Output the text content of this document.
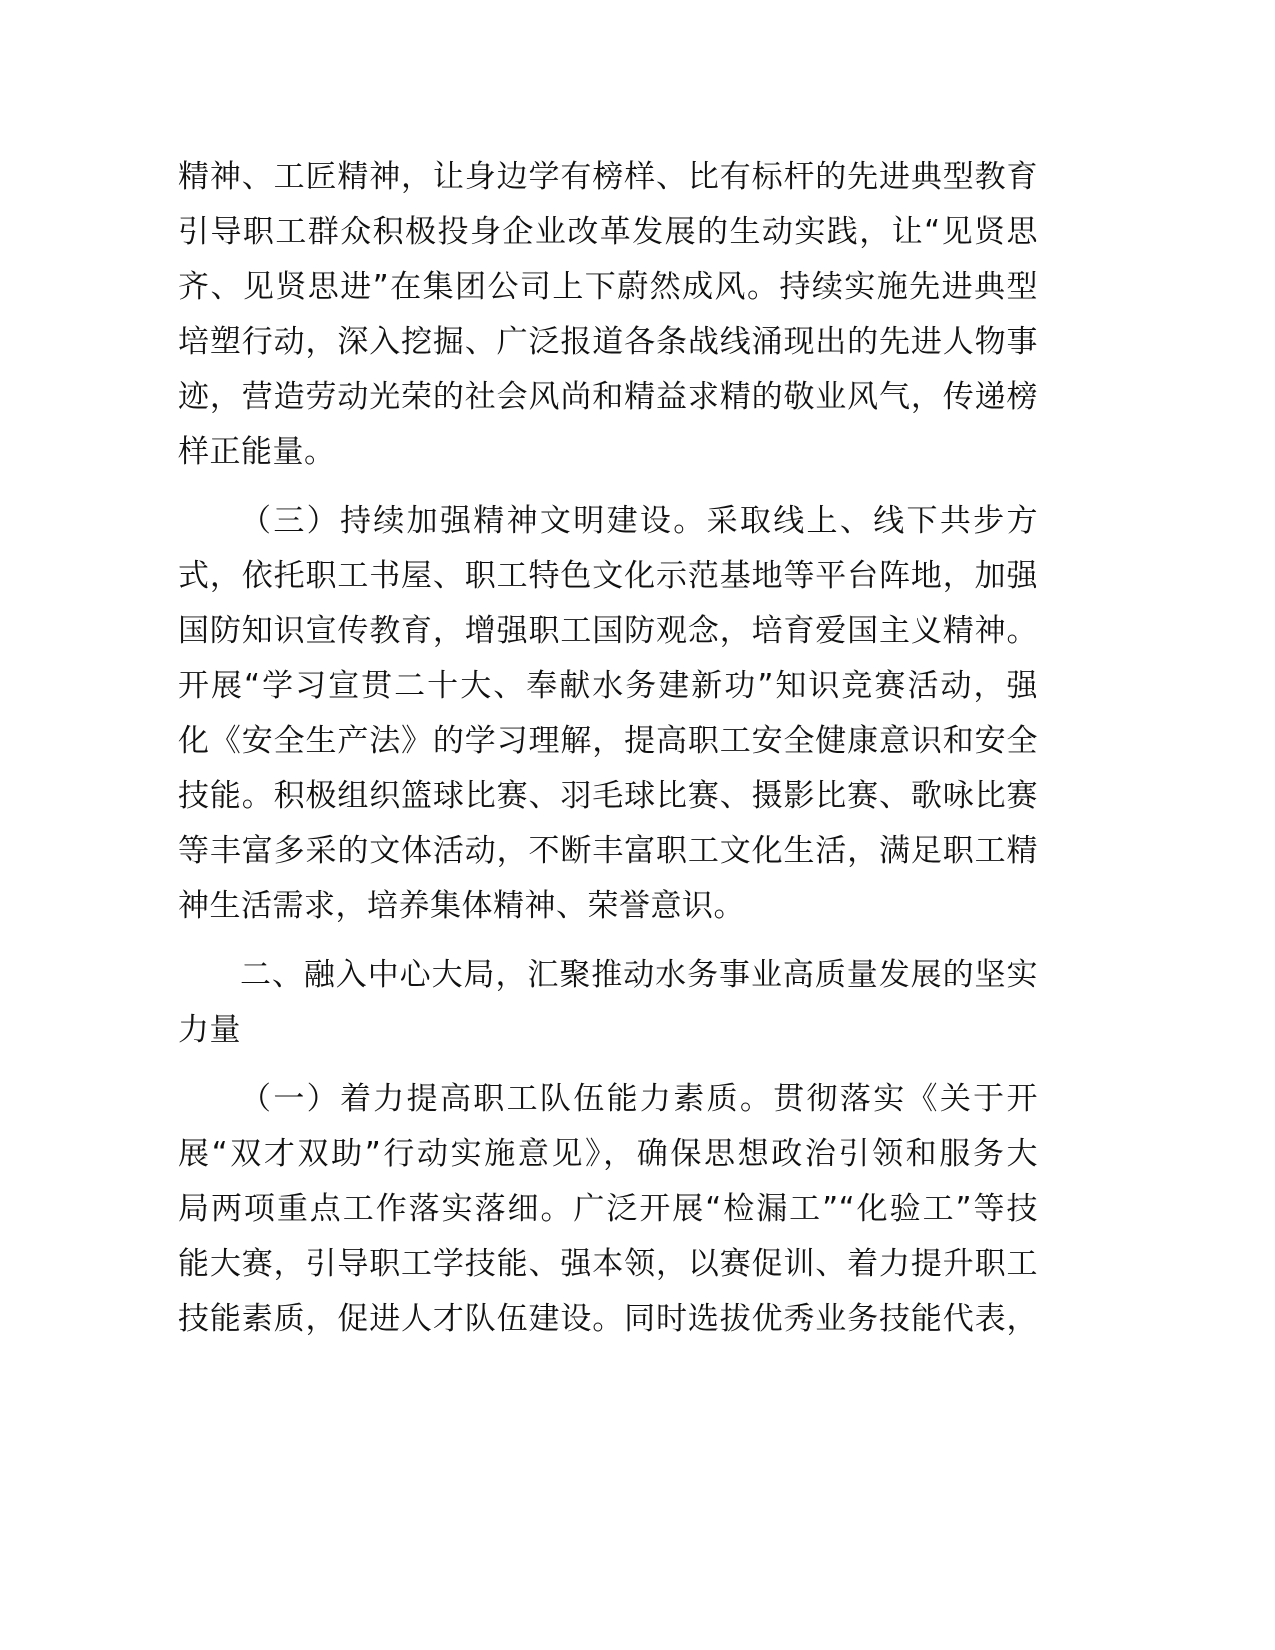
精神、工匠精神，让身边学有榜样、比有标杆的先进典型教育
引导职工群众积极投身企业改革发展的生动实践，让“见贤思
齐、见贤思进”在集团公司上下蔚然成风。持续实施先进典型
培塑行动，深入挖掘、广泛报道各条战线涌现出的先进人物事
迹，营造劳动光荣的社会风尚和精益求精的敬业风气，传递榜
样正能量。
（三）持续加强精神文明建设。采取线上、线下共步方
式，依托职工书屋、职工特色文化示范基地等平台阵地，加强
国防知识宣传教育，增强职工国防观念，培育爱国主义精神。
开展“学习宣贯二十大、奉献水务建新功”知识竞赛活动，强
化《安全生产法》的学习理解，提高职工安全健康意识和安全
技能。积极组织篮球比赛、羽毛球比赛、摄影比赛、歌咏比赛
等丰富多采的文体活动，不断丰富职工文化生活，满足职工精
神生活需求，培养集体精神、荣誉意识。
二、融入中心大局，汇聚推动水务事业高质量发展的坚实
力量
（一）着力提高职工队伍能力素质。贯彻落实《关于开
展“双才双助”行动实施意见》，确保思想政治引领和服务大
局两项重点工作落实落细。广泛开展“检漏工”“化验工”等技
能大赛，引导职工学技能、强本领，以赛促训、着力提升职工
技能素质，促进人才队伍建设。同时选拔优秀业务技能代表，
